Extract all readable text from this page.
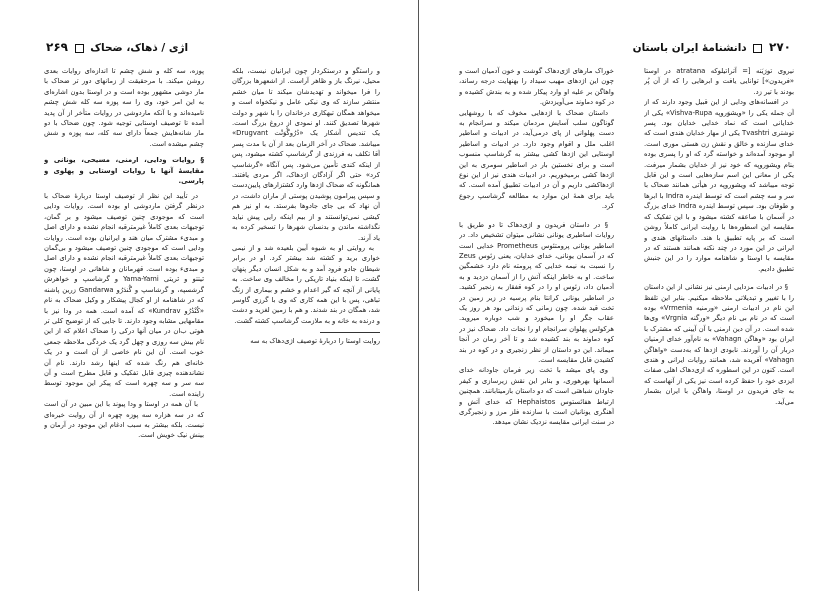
اژی / ذهاک، ضحاک  ۲۶۹

و راستگو و درستکردار چون ایرانیان نیست، بلکه محیل، نیرنگ باز و ظاهر آراست. از اشعهرها بزرگان را فرا میخواند و تهدیدشان میکند تا میان خشم منتشر سازند که وی نیکی عامل و نیکخواه است و میخواهد همگان تبهکاری درخاندان را با شهر و دولت شهرها تصدیق کنند. او نمودی از دروغ بزرگ است. یک تندیس آشکار یک «دُرُوگْوَنْت Drugvant» میباشد. ضحاک در آخر الزمان بعد از آن با مدت پسر آقا تکلف به فرزندی از گرشاسپ کشته میشود، پس از اینکه کندی تأمین می‌شود. پس آنگاه «گرشاسپ کرد» حتی اگر آزادگان اژدهاک، اگر مردی یافتند. همانگونه که ضحاک اژدها وارد کشتزارهای پایین‌دست و سپس پیرامون پوشیدن پوستی از ماران داشت، در آن نهاد که بی جای جادوها بفرستد. به او نیز هم کیشی نمی‌توانستند و از بیم اینکه رایی پیش نیاید نگذاشته ماندن و بدنسان شهرها را تسخیر کرده به یاد آرند.

به روایتی او به شیوه آیین بلعیده شد و از نیمی خواری برید و کشته شد بیشتر کرد. او در برابر شیطان جادو فرود آمد و به شکل انسان دیگر پنهان گشت، تا اینکه بنیاد تاریکی را مخالف وی ساخت. به پایانی از آنچه که گیر اعدام و خشم و بیماری از زنگ تباهی، پس با این همه کاری که وی با گرزی گاوسر شد، همگان در بند شدند. و هم با زمین لغزید و دشت و درنده به خانه و به ملازمت گرشاسپ کشته گشت.

روایت اوستا را دربارهٔ توصیف اژی‌دهاک به سه

پوزه، سه کله و شش چشم تا اندازه‌ای روایات بعدی روشن میکند. با مرحقیقت از زمانهای دور تر ضحاک با مار دوشی مشهور بوده است و در اوستا بدون اشاره‌ای به این امر خود، وی را سه پوزه سه کله شش چشم نامیده‌اند و با آنکه ماردوشی در روایات متأخر از آن پدید آمده تا توصیف اوستایی توجیه شود. چون ضحاک با دو مار شانه‌هایش جمعاً دارای سه کله، سه پوزه و شش چشم میشده است.

§ روایات ودایی، ارمنی، مسیحی، یونانی و مقایسهٔ آنها با روایات اوستایی و پهلوی و پارسی.

در تأیید این نظر از توصیف اوستا دربارهٔ ضحاک با درنظر گرفتن ماردوشی او بوده است. روایات ودایی است که موجودی چنین توصیف میشود و بر گمان، توجیهات بعدی کاملاً غیرمترقبه انجام نشده و دارای اصل و مبدیء مشترک میان هند و ایرانیان بوده است. روایات ودایی است که موجودی چنین توصیف میشود و بی‌گمان توجیهات بعدی کاملاً غیرمترقبه انجام نشده و دارای اصل و مبدیء بوده است. قهرمانان و شاهانی در اوستا، چون ثیتتو و ثریتی Yama-Yami و گرشاسپ و خواهرش گرشسپه، و گرشاسپ و گُندَرُو Gandarwa زرین پاشنه که در شاهنامه از او کجال پیشکار و وکیل ضحاک به نام «کُنْدُرُو Kundrav» که آمده است. همه در ودا نیز با مقامهایی مشابه وجود دارند. تا جایی که از توضیح کلی تر هوتی ب‌ان در میان آنها درکی را ضحاک اعلام که از این نام بیش سه روزی و چهل گرد یک خردگی ملاحظه جمعی خوب است. آن این نام خاصی از آن است و در یک خانه‌ای هم رنگ شده که اینها رشد دارند. نام آن نشاندهنده چیزی قابل تفکیک و قابل مطرح است و آن سه سر و سه چهره است که پیکر این موجود توسط زاینده است.

با آن همه در اوستا و ودا پیوند با این مبین در آن است که در سه هزاره سه پوزه چهره از آن روایت خیره‌ای نیست. بلکه بیشتر به سبب ادغام این موجود در آرمان و بینش نیک خویش است.

۲۷۰  دانشنامهٔ ایران باستان

نیروی تورَیَنه [= آتراتیلوکه atratana در اوستا «فریدون»] توانایی یافت و ابرهایی را که از آن پُر بودند با تیر زد.

در افسانه‌های ودایی از این قبیل وجود دارند که از آن جمله یکی را «ویشوَروپه Vishva-Rupa» یکی از خدایانی است که نماد خدایی خدایان بود. پسر توشتری Tvashtri یکی از مهار خدایان هندی است که خدای سازنده و خالق و نقش زن هستی موری است. او موجود آمده‌اند و خواسته گرد که او را پسری بوده بنام ویشوروپه که خود نیز از خدایان بشمار میرفت. یکی از معانی این اسم سازه‌هایی است و این قابل توجه میباشد که ویشوروپه در هیأتی همانند ضحاک با سر و سه چشم است که توسط ایندره Indra با ابرها و طوفان بود. سپس توسط ایندره Indra خدای بزرگ در آسمان با صاعقه کشته میشود و با این تفکیک که مقایسه این اسطوره‌ها با روایت ایرانی کاملاً روشن است که بر پایه تطبیق با هند. داستانهای هندی و ایرانی در این مورد در چند نکته همانند هستند که در مقایسه با اوستا و شاهنامه موارد را در این جنبش تطبیق دادیم.

§ در ادبیات مزدایی ارمنی نیز نشانی از این داستان را با تغییر و تبدیلاتی ملاحظه میکنیم. بنابر این تلفظ این نام در ادبیات ارمنی «ورمنیه Vrmenia» بوده است که در نام بی‌ نام دیگر «ورگنه Vrgnia» وی‌ها شده است. در آن دین ارمنی با آن آیینی که مشترک با ایران بود «وهاگن Vahagn» به نام‌آور خدای ارمنیان دربار آن را آوردند. نابودی اژدها که به‌دست «واهاگن Vahagn» آفریده شد، همانند روایات ایرانی و هندی است. کنون در این اسطوره که ازی‌دهاک اهلی صفات ایزدی خود را حفظ کرده است نیز یکی از آنهاست که به جای فریدون در اوستا، واهاگن با ایران بشمار می‌آید.

خوراک مارهای اژی‌دهاک گوشت و خون آدمیان است و چون این اژدهای مهیب سیداد را بهنهایت درجه رساند، واهاگن بر علیه او وارد پیکار شده و به بندش کشیده و در کوه دماوند می‌آویزدش.

داستان ضحاک با اژدهایی مخوف که با روشهایی گوناگون سلب آسایش مردمان میکند و سرانجام به دست پهلوانی از پای درمی‌آید، در ادبیات و اساطیر اغلب ملل و اقوام وجود دارد. در ادبیات و اساطیر اوستایی این اژدها کشی بیشتر به گرشاسپ منسوب است و برای نخستین بار در اساطیر سومری به این اژدها کشی برمیخوریم. در ادبیات هندی نیز از این نوع اژدهاکشی داریم و آن در ادبیات تطبیق آمده است. که باید برای همهٔ این موارد به مطالعه گرشاسپ رجوع کرد.

§ در داستان فریدون و اژی‌دهاک تا دو طریق با روایات اساطیری یونانی نشانی میتوان تشخیص داد. در اساطیر یونانی پرومتئوس Prometheus خدایی است که در آسمان یونانی، خدای خدایان، یعنی زئوس Zeus را نسبت به نیمه خدایی که پرومته نام دارد خشمگین ساخت. او به خاطر اینکه آتش را از آسمان دزدید و به آدمیان داد، زئوس او را در کوه قفقاز به زنجیر کشید. در اساطیر یونانی کرانتا بنام پرسیه در زیر زمین در تخت قید شده. چون زمانی که زندانی بود هر روز یک عقاب جگر او را میخورد و شب دوباره میروید. هرکولس پهلوان سرانجام او را نجات داد. ضحاک نیز در کوه دماوند به بند کشیده شد و تا آخر زمان در آنجا میماند. این دو داستان از نظر زنجیری و در کوه در بند کشیدن قابل مقایسه است.

وی پای میشد با تخت زیر فرمان جاودانه خدای آسمانها بهرهوری، و بنابر این نقش زیرسازی و کیفر جاودان شباهتی است که دو داستان بازمیتابانند. همچنین ارتباط هفائستوس Hephaistos که خدای آتش و آهنگری یونانیان است با سازنده فلز مرز و زنجیرگری در سنت ایرانی مقایسه نزدیک نشان میدهد.
